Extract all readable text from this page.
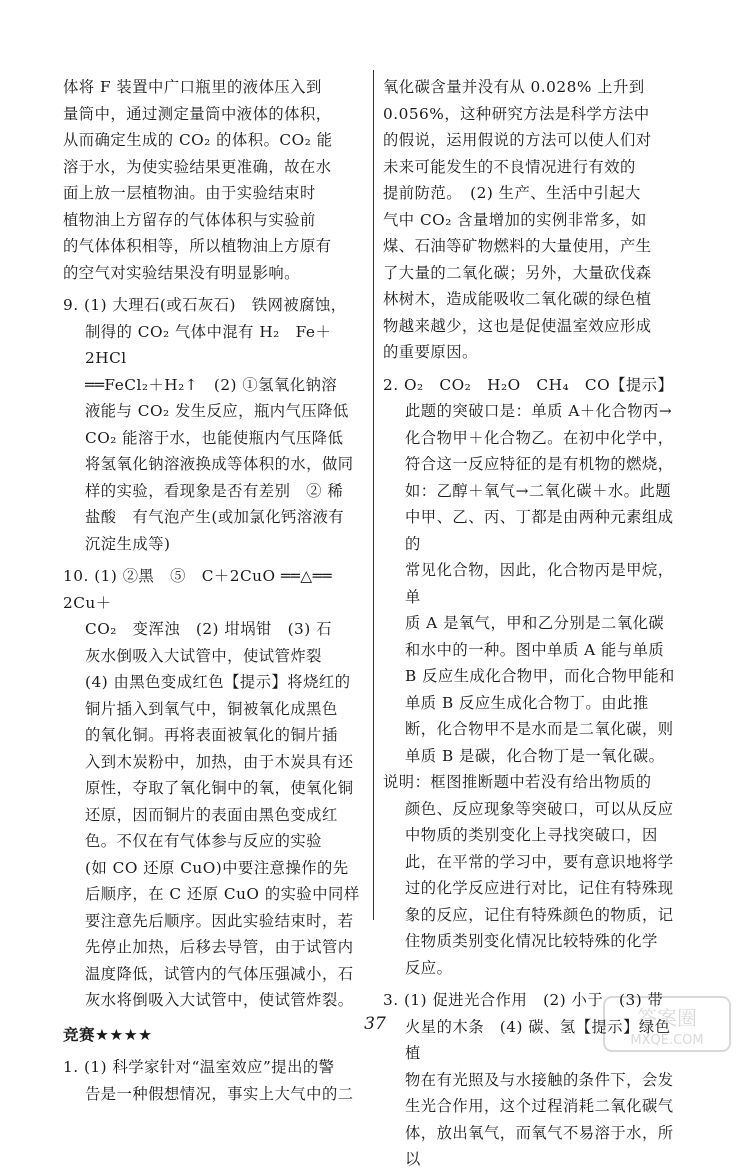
体将 F 装置中广口瓶里的液体压入到

量筒中，通过测定量筒中液体的体积，

从而确定生成的 CO₂ 的体积。CO₂ 能

溶于水，为使实验结果更准确，故在水

面上放一层植物油。由于实验结束时

植物油上方留存的气体体积与实验前

的气体体积相等，所以植物油上方原有

的空气对实验结果没有明显影响。

9. (1) 大理石(或石灰石)　铁网被腐蚀，

制得的 CO₂ 气体中混有 H₂　Fe＋2HCl

══FeCl₂＋H₂↑　(2) ①氢氧化钠溶

液能与 CO₂ 发生反应，瓶内气压降低

CO₂ 能溶于水，也能使瓶内气压降低

将氢氧化钠溶液换成等体积的水，做同

样的实验，看现象是否有差别　② 稀

盐酸　有气泡产生(或加氯化钙溶液有

沉淀生成等)

10. (1) ②黑　⑤　C＋2CuO ══△══ 2Cu＋

CO₂　变浑浊　(2) 坩埚钳　(3) 石

灰水倒吸入大试管中，使试管炸裂

(4) 由黑色变成红色【提示】将烧红的

铜片插入到氧气中，铜被氧化成黑色

的氧化铜。再将表面被氧化的铜片插

入到木炭粉中，加热，由于木炭具有还

原性，夺取了氧化铜中的氧，使氧化铜

还原，因而铜片的表面由黑色变成红

色。不仅在有气体参与反应的实验

(如 CO 还原 CuO)中要注意操作的先

后顺序，在 C 还原 CuO 的实验中同样

要注意先后顺序。因此实验结束时，若

先停止加热，后移去导管，由于试管内

温度降低，试管内的气体压强减小，石

灰水将倒吸入大试管中，使试管炸裂。

竞赛★★★★

1. (1) 科学家针对“温室效应”提出的警

告是一种假想情况，事实上大气中的二

氧化碳含量并没有从 0.028% 上升到

0.056%，这种研究方法是科学方法中

的假说，运用假说的方法可以使人们对

未来可能发生的不良情况进行有效的

提前防范。　(2) 生产、生活中引起大

气中 CO₂ 含量增加的实例非常多，如

煤、石油等矿物燃料的大量使用，产生

了大量的二氧化碳；另外，大量砍伐森

林树木，造成能吸收二氧化碳的绿色植

物越来越少，这也是促使温室效应形成

的重要原因。

2. O₂　CO₂　H₂O　CH₄　CO【提示】

此题的突破口是：单质 A＋化合物丙→

化合物甲＋化合物乙。在初中化学中，

符合这一反应特征的是有机物的燃烧，

如：乙醇＋氧气→二氧化碳＋水。此题

中甲、乙、丙、丁都是由两种元素组成的

常见化合物，因此，化合物丙是甲烷，单

质 A 是氧气，甲和乙分别是二氧化碳

和水中的一种。图中单质 A 能与单质

B 反应生成化合物甲，而化合物甲能和

单质 B 反应生成化合物丁。由此推

断，化合物甲不是水而是二氧化碳，则

单质 B 是碳，化合物丁是一氧化碳。

说明：框图推断题中若没有给出物质的

颜色、反应现象等突破口，可以从反应

中物质的类别变化上寻找突破口，因

此，在平常的学习中，要有意识地将学

过的化学反应进行对比，记住有特殊现

象的反应，记住有特殊颜色的物质，记

住物质类别变化情况比较特殊的化学

反应。

3. (1) 促进光合作用　(2) 小于　(3) 带

火星的木条　(4) 碳、氢【提示】绿色植

物在有光照及与水接触的条件下，会发

生光合作用，这个过程消耗二氧化碳气

体，放出氧气，而氧气不易溶于水，所以

37	答案圈
MXQE.COM
